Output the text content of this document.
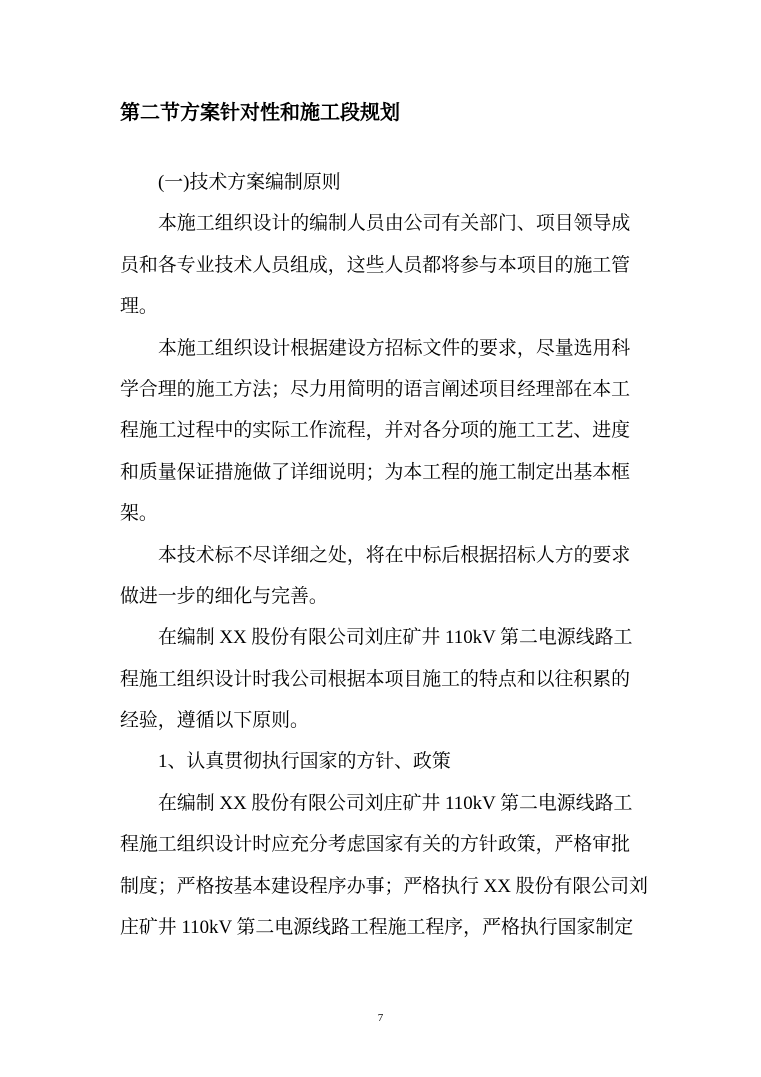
第二节方案针对性和施工段规划
(一)技术方案编制原则
本施工组织设计的编制人员由公司有关部门、项目领导成
员和各专业技术人员组成，这些人员都将参与本项目的施工管
理。
本施工组织设计根据建设方招标文件的要求，尽量选用科
学合理的施工方法；尽力用简明的语言阐述项目经理部在本工
程施工过程中的实际工作流程，并对各分项的施工工艺、进度
和质量保证措施做了详细说明；为本工程的施工制定出基本框
架。
本技术标不尽详细之处，将在中标后根据招标人方的要求
做进一步的细化与完善。
在编制 XX 股份有限公司刘庄矿井 110kV 第二电源线路工
程施工组织设计时我公司根据本项目施工的特点和以往积累的
经验，遵循以下原则。
1、认真贯彻执行国家的方针、政策
在编制 XX 股份有限公司刘庄矿井 110kV 第二电源线路工
程施工组织设计时应充分考虑国家有关的方针政策，严格审批
制度；严格按基本建设程序办事；严格执行 XX 股份有限公司刘
庄矿井 110kV 第二电源线路工程施工程序，严格执行国家制定
7
